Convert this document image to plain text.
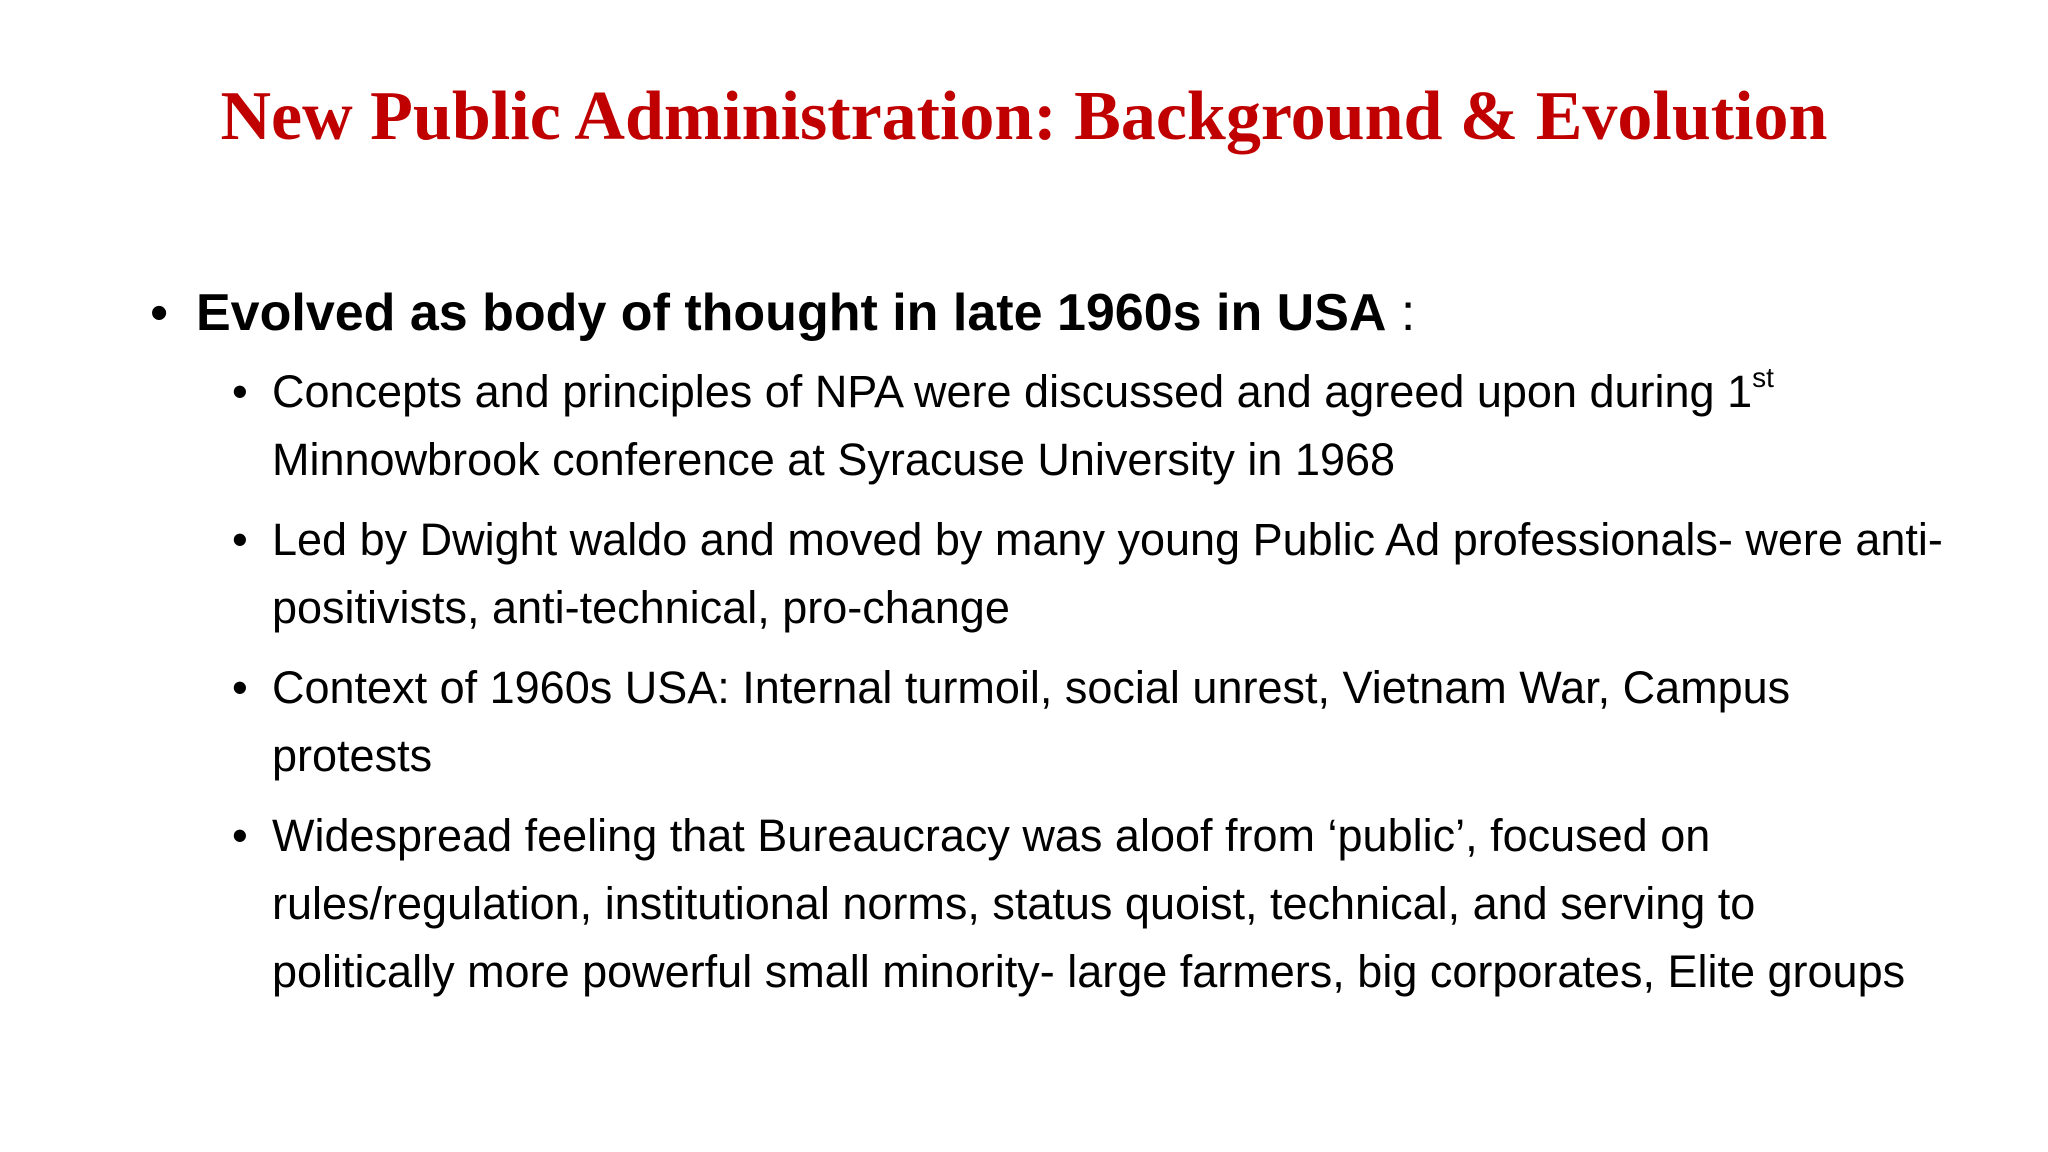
New Public Administration: Background & Evolution
• Evolved as body of thought in late 1960s in USA :
• Concepts and principles of NPA were discussed and agreed upon during 1st Minnowbrook conference at Syracuse University in 1968
• Led by Dwight waldo and moved by many young Public Ad professionals- were anti-positivists, anti-technical, pro-change
• Context of 1960s USA: Internal turmoil, social unrest, Vietnam War, Campus protests
• Widespread feeling that Bureaucracy was aloof from ‘public’, focused on rules/regulation, institutional norms, status quoist, technical, and serving to politically more powerful small minority- large farmers, big corporates, Elite groups
